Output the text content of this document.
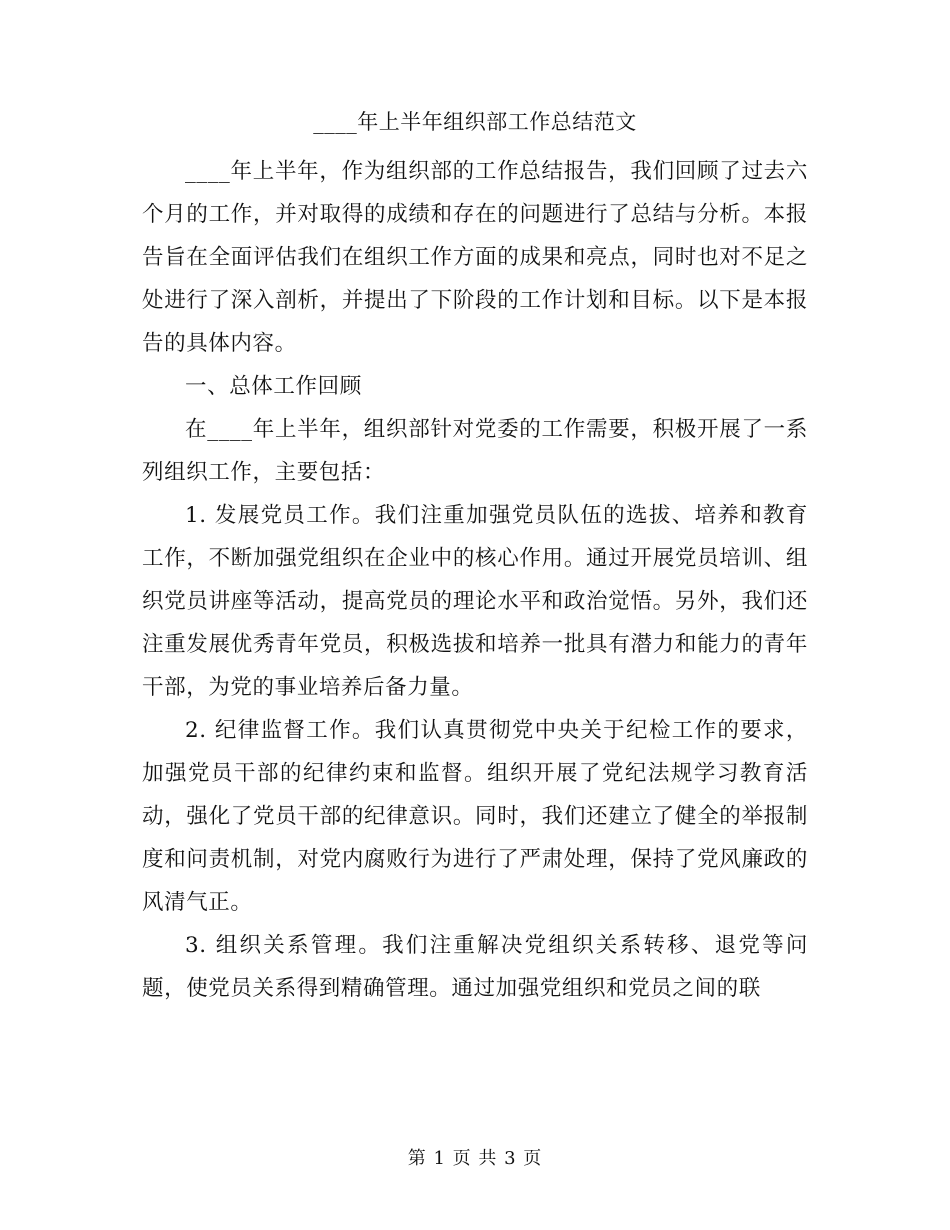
____年上半年组织部工作总结范文

____年上半年，作为组织部的工作总结报告，我们回顾了过去六个月的工作，并对取得的成绩和存在的问题进行了总结与分析。本报告旨在全面评估我们在组织工作方面的成果和亮点，同时也对不足之处进行了深入剖析，并提出了下阶段的工作计划和目标。以下是本报告的具体内容。

一、总体工作回顾

在____年上半年，组织部针对党委的工作需要，积极开展了一系列组织工作，主要包括：

1. 发展党员工作。我们注重加强党员队伍的选拔、培养和教育工作，不断加强党组织在企业中的核心作用。通过开展党员培训、组织党员讲座等活动，提高党员的理论水平和政治觉悟。另外，我们还注重发展优秀青年党员，积极选拔和培养一批具有潜力和能力的青年干部，为党的事业培养后备力量。

2. 纪律监督工作。我们认真贯彻党中央关于纪检工作的要求，加强党员干部的纪律约束和监督。组织开展了党纪法规学习教育活动，强化了党员干部的纪律意识。同时，我们还建立了健全的举报制度和问责机制，对党内腐败行为进行了严肃处理，保持了党风廉政的风清气正。

3. 组织关系管理。我们注重解决党组织关系转移、退党等问题，使党员关系得到精确管理。通过加强党组织和党员之间的联

第 1 页 共 3 页
